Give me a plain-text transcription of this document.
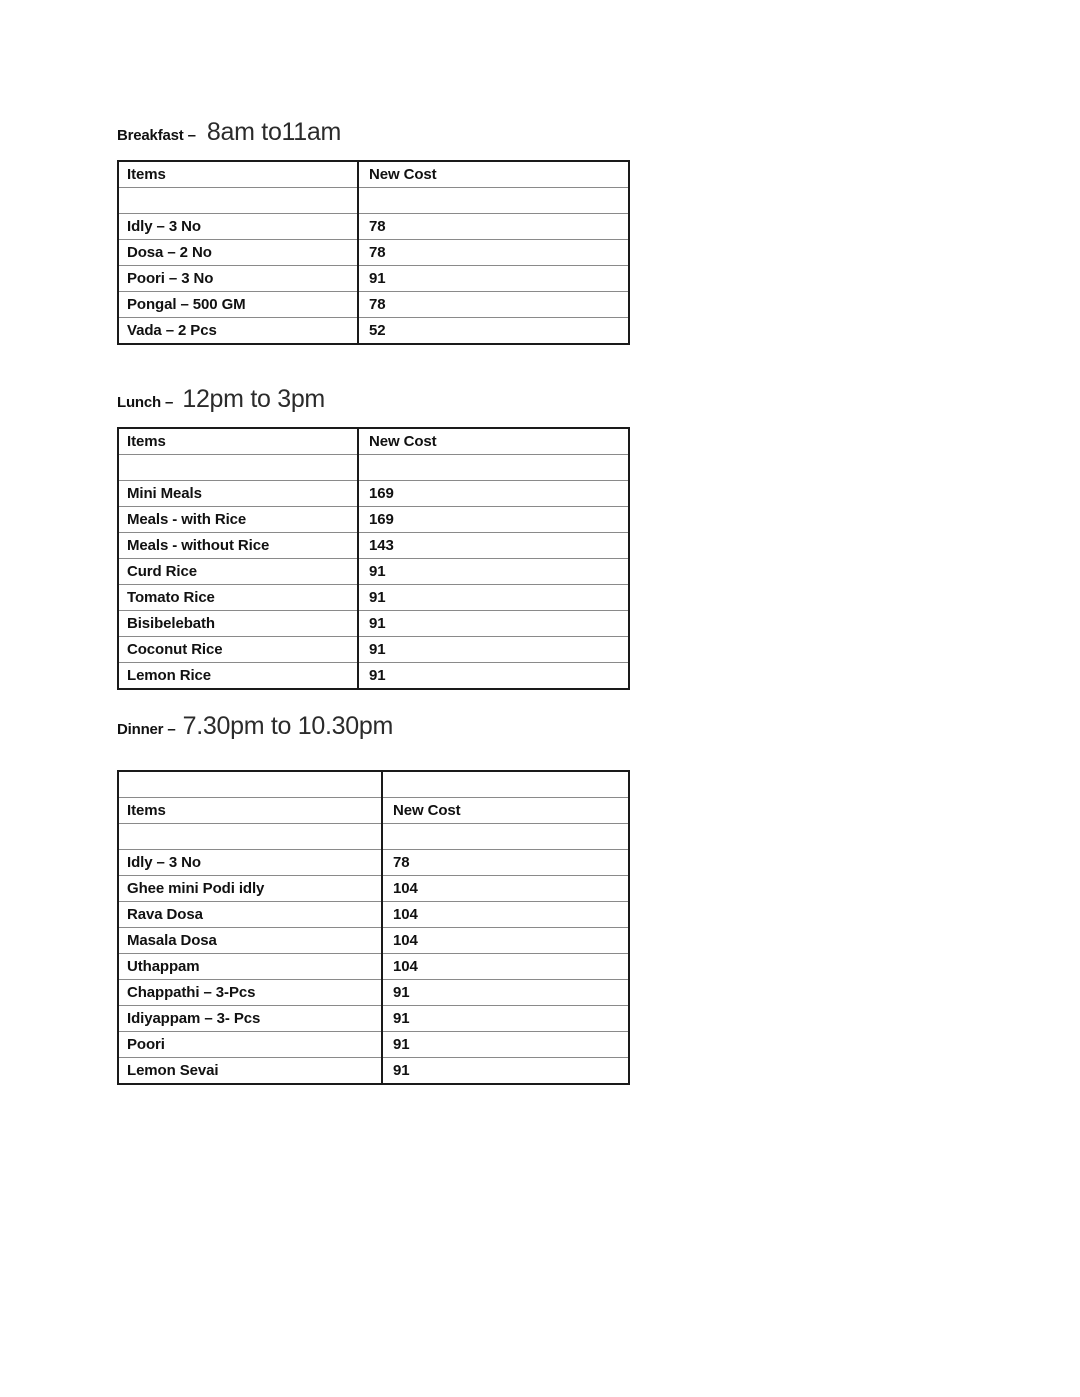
Breakfast – 8am to11am
Items	New Cost

Idly – 3 No	78
Dosa – 2 No	78
Poori – 3 No	91
Pongal – 500 GM	78
Vada – 2 Pcs	52
Lunch – 12pm to 3pm
Items	New Cost

Mini Meals	169
Meals - with Rice	169
Meals - without Rice	143
Curd Rice	91
Tomato Rice	91
Bisibelebath	91
Coconut Rice	91
Lemon Rice	91
Dinner – 7.30pm to 10.30pm

Items	New Cost

Idly – 3 No	78
Ghee mini Podi idly	104
Rava Dosa	104
Masala Dosa	104
Uthappam	104
Chappathi – 3-Pcs	91
Idiyappam – 3- Pcs	91
Poori	91
Lemon Sevai	91
